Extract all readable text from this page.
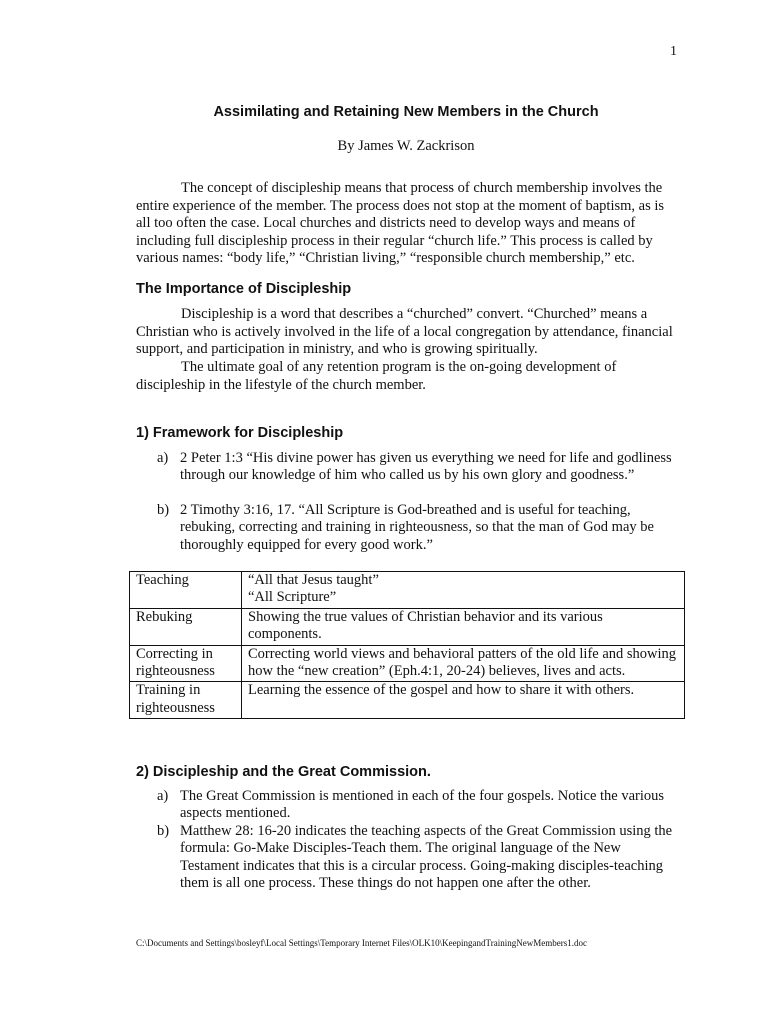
1
Assimilating and Retaining New Members in the Church
By James W. Zackrison

The concept of discipleship means that process of church membership involves the entire experience of the member. The process does not stop at the moment of baptism, as is all too often the case. Local churches and districts need to develop ways and means of including full discipleship process in their regular “church life.” This process is called by various names: “body life,” “Christian living,” “responsible church membership,” etc.

The Importance of Discipleship

Discipleship is a word that describes a “churched” convert. “Churched” means a Christian who is actively involved in the life of a local congregation by attendance, financial support, and participation in ministry, and who is growing spiritually.

The ultimate goal of any retention program is the on-going development of discipleship in the lifestyle of the church member.

1) Framework for Discipleship
a) 2 Peter 1:3 “His divine power has given us everything we need for life and godliness through our knowledge of him who called us by his own glory and goodness.”
b) 2 Timothy 3:16, 17. “All Scripture is God-breathed and is useful for teaching, rebuking, correcting and training in righteousness, so that the man of God may be thoroughly equipped for every good work.”
Teaching	“All that Jesus taught”
“All Scripture”

Rebuking	Showing the true values of Christian behavior and its various components.
Correcting in righteousness	Correcting world views and behavioral patters of the old life and showing how the “new creation” (Eph.4:1, 20-24) believes, lives and acts.
Training in righteousness	Learning the essence of the gospel and how to share it with others.
2) Discipleship and the Great Commission.
a) The Great Commission is mentioned in each of the four gospels. Notice the various aspects mentioned.
b) Matthew 28: 16-20 indicates the teaching aspects of the Great Commission using the formula: Go-Make Disciples-Teach them. The original language of the New Testament indicates that this is a circular process. Going-making disciples-teaching them is all one process. These things do not happen one after the other.
C:\Documents and Settings\bosleyf\Local Settings\Temporary Internet Files\OLK10\KeepingandTrainingNewMembers1.doc
